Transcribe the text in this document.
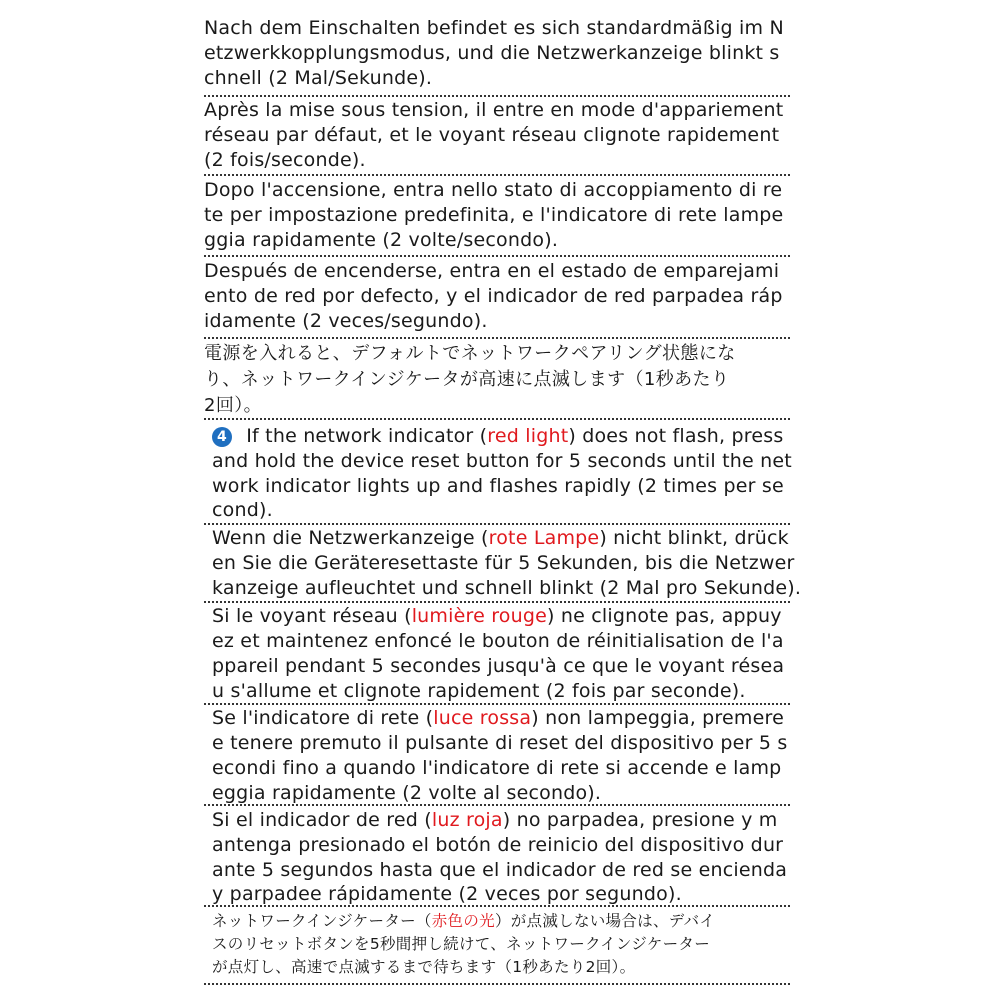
Nach dem Einschalten befindet es sich standardmäßig im N
etzwerkkopplungsmodus, und die Netzwerkanzeige blinkt s
chnell (2 Mal/Sekunde).
Après la mise sous tension, il entre en mode d'appariement
réseau par défaut, et le voyant réseau clignote rapidement
(2 fois/seconde).
Dopo l'accensione, entra nello stato di accoppiamento di re
te per impostazione predefinita, e l'indicatore di rete lampe
ggia rapidamente (2 volte/secondo).
Después de encenderse, entra en el estado de emparejami
ento de red por defecto, y el indicador de red parpadea ráp
idamente (2 veces/segundo).
電源を入れると、デフォルトでネットワークペアリング状態にな
り、ネットワークインジケータが高速に点滅します（1秒あたり
2回）。
4 If the network indicator (red light) does not flash, press
and hold the device reset button for 5 seconds until the net
work indicator lights up and flashes rapidly (2 times per se
cond).
Wenn die Netzwerkanzeige (rote Lampe) nicht blinkt, drück
en Sie die Geräteresettaste für 5 Sekunden, bis die Netzwer
kanzeige aufleuchtet und schnell blinkt (2 Mal pro Sekunde).
Si le voyant réseau (lumière rouge) ne clignote pas, appuy
ez et maintenez enfoncé le bouton de réinitialisation de l'a
ppareil pendant 5 secondes jusqu'à ce que le voyant résea
u s'allume et clignote rapidement (2 fois par seconde).
Se l'indicatore di rete (luce rossa) non lampeggia, premere
e tenere premuto il pulsante di reset del dispositivo per 5 s
econdi fino a quando l'indicatore di rete si accende e lamp
eggia rapidamente (2 volte al secondo).
Si el indicador de red (luz roja) no parpadea, presione y m
antenga presionado el botón de reinicio del dispositivo dur
ante 5 segundos hasta que el indicador de red se encienda
y parpadee rápidamente (2 veces por segundo).
ネットワークインジケーター（赤色の光）が点滅しない場合は、デバイ
スのリセットボタンを5秒間押し続けて、ネットワークインジケーター
が点灯し、高速で点滅するまで待ちます（1秒あたり2回）。
